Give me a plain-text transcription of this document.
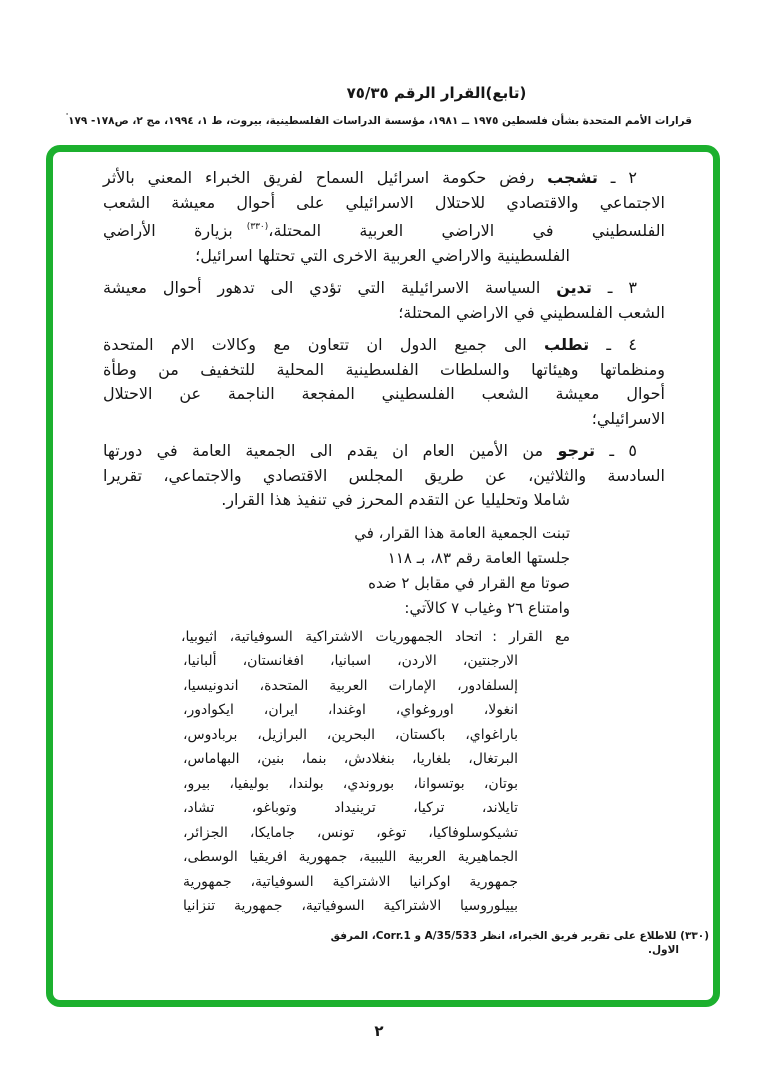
(تابع)القرار الرقم ٧٥/٣٥
قرارات الأمم المتحدة بشأن فلسطين ١٩٧٥ ــ ١٩٨١، مؤسسة الدراسات الفلسطينية، بيروت، ط ١، ١٩٩٤، مج ٢، ص١٧٨- ١٧٩'
٢ ـ تشجب رفض حكومة اسرائيل السماح لفريق الخبراء المعني بالأثر
الاجتماعي والاقتصادي للاحتلال الاسرائيلي على أحوال معيشة الشعب
الفلسطيني في الاراضي العربية المحتلة،$^{(٣٣٠)}$بزيارة الأراضي
الفلسطينية والاراضي العربية الاخرى التي تحتلها اسرائيل؛
٣ ـ تدين السياسة الاسرائيلية التي تؤدي الى تدهور أحوال معيشة
الشعب الفلسطيني في الاراضي المحتلة؛
٤ ـ تطلب الى جميع الدول ان تتعاون مع وكالات الام المتحدة
ومنظماتها وهيئاتها والسلطات الفلسطينية المحلية للتخفيف من وطأة
أحوال معيشة الشعب الفلسطيني المفجعة الناجمة عن الاحتلال
الاسرائيلي؛
٥ ـ ترجو من الأمين العام ان يقدم الى الجمعية العامة في دورتها
السادسة والثلاثين، عن طريق المجلس الاقتصادي والاجتماعي، تقريرا
شاملا وتحليليا عن التقدم المحرز في تنفيذ هذا القرار.
تبنت الجمعية العامة هذا القرار، في
جلستها العامة رقم ٨٣، بـ ١١٨
صوتا مع القرار في مقابل ٢ ضده
وامتناع ٢٦ وغياب ٧ كالآتي:
مع القرار:اتحاد الجمهوريات الاشتراكية السوفياتية، اثيوبيا،
الارجنتين، الاردن، اسبانيا، افغانستان، ألبانيا،
إلسلفادور، الإمارات العربية المتحدة، اندونيسيا،
انغولا، اوروغواي، اوغندا، ايران، ايكوادور،
باراغواي، باكستان، البحرين، البرازيل، بربادوس،
البرتغال، بلغاريا، بنغلادش، بنما، بنين، البهاماس،
بوتان، بوتسوانا، بوروندي، بولندا، بوليفيا، بيرو،
تايلاند، تركيا، ترينيداد وتوباغو، تشاد،
تشيكوسلوفاكيا، توغو، تونس، جامايكا، الجزائر،
الجماهيرية العربية الليبية، جمهورية افريقيا الوسطى،
جمهورية اوكرانيا الاشتراكية السوفياتية، جمهورية
بييلوروسيا الاشتراكية السوفياتية، جمهورية تنزانيا
(٣٣٠) للاطلاع على تقرير فريق الخبراء، انظر A/35/533 و Corr.1، المرفق
الاول.
٢
